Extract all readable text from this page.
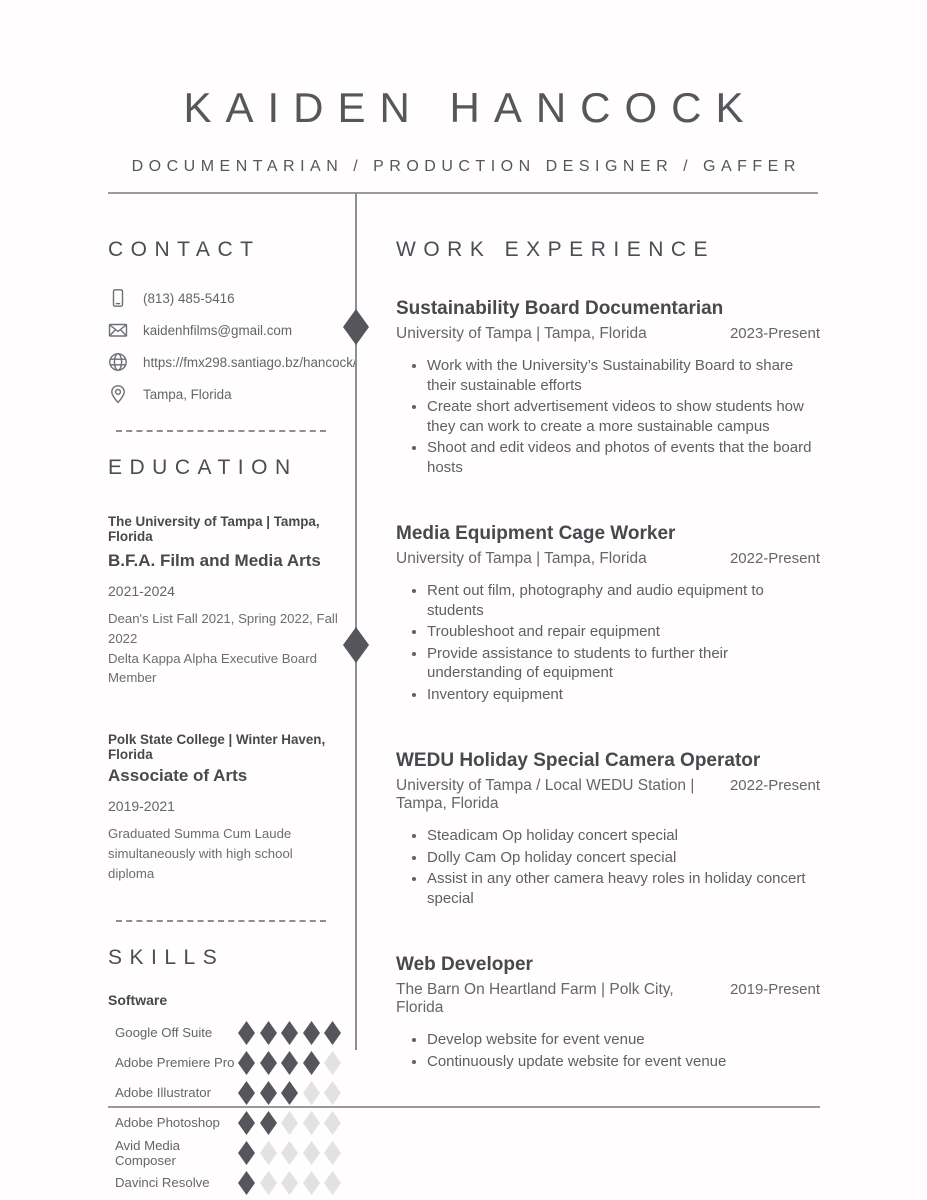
KAIDEN HANCOCK
DOCUMENTARIAN / PRODUCTION DESIGNER / GAFFER
CONTACT
(813) 485-5416
kaidenhfilms@gmail.com
https://fmx298.santiago.bz/hancock/
Tampa, Florida
EDUCATION
The University of Tampa | Tampa, Florida
B.F.A. Film and Media Arts
2021-2024
Dean's List Fall 2021, Spring 2022, Fall 2022
Delta Kappa Alpha Executive Board Member
Polk State College | Winter Haven, Florida
Associate of Arts
2019-2021
Graduated Summa Cum Laude simultaneously with high school diploma
SKILLS
Software
Google Off Suite
Adobe Premiere Pro
Adobe Illustrator
Adobe Photoshop
Avid Media Composer
Davinci Resolve
WORK EXPERIENCE
Sustainability Board Documentarian
University of Tampa | Tampa, Florida	2023-Present
• Work with the University’s Sustainability Board to share their sustainable efforts
• Create short advertisement videos to show students how they can work to create a more sustainable campus
• Shoot and edit videos and photos of events that the board hosts
Media Equipment Cage Worker
University of Tampa | Tampa, Florida	2022-Present
• Rent out film, photography and audio equipment to students
• Troubleshoot and repair equipment
• Provide assistance to students to further their understanding of equipment
• Inventory equipment
WEDU Holiday Special Camera Operator
University of Tampa / Local WEDU Station | Tampa, Florida
2022-Present
• Steadicam Op holiday concert special
• Dolly Cam Op holiday concert special
• Assist in any other camera heavy roles in holiday concert special
Web Developer
The Barn On Heartland Farm | Polk City, Florida
2019-Present
• Develop website for event venue
• Continuously update website for event venue
